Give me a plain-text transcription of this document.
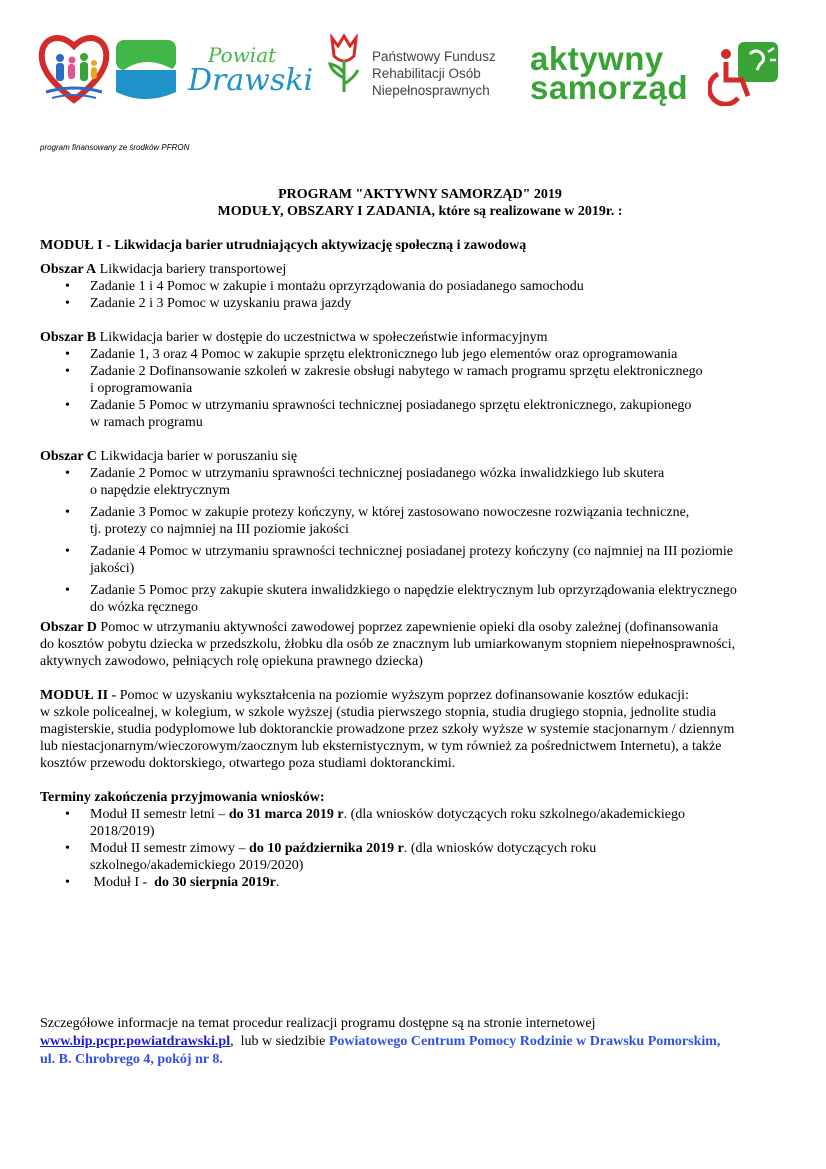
Powiat
Drawski
Państwowy Fundusz
Rehabilitacji Osób
Niepełnosprawnych
aktywny
samorząd
program finansowany ze środków PFRON

PROGRAM "AKTYWNY SAMORZĄD" 2019

MODUŁY, OBSZARY I ZADANIA, które są realizowane w 2019r. :

MODUŁ I - Likwidacja barier utrudniających aktywizację społeczną i zawodową

Obszar A Likwidacja bariery transportowej

• Zadanie 1 i 4 Pomoc w zakupie i montażu oprzyrządowania do posiadanego samochodu
• Zadanie 2 i 3 Pomoc w uzyskaniu prawa jazdy

Obszar B Likwidacja barier w dostępie do uczestnictwa w społeczeństwie informacyjnym

• Zadanie 1, 3 oraz 4 Pomoc w zakupie sprzętu elektronicznego lub jego elementów oraz oprogramowania
• Zadanie 2 Dofinansowanie szkoleń w zakresie obsługi nabytego w ramach programu sprzętu elektronicznego
i oprogramowania
• Zadanie 5 Pomoc w utrzymaniu sprawności technicznej posiadanego sprzętu elektronicznego, zakupionego
w ramach programu

Obszar C Likwidacja barier w poruszaniu się

• Zadanie 2 Pomoc w utrzymaniu sprawności technicznej posiadanego wózka inwalidzkiego lub skutera
o napędzie elektrycznym
• Zadanie 3 Pomoc w zakupie protezy kończyny, w której zastosowano nowoczesne rozwiązania techniczne,
tj. protezy co najmniej na III poziomie jakości
• Zadanie 4 Pomoc w utrzymaniu sprawności technicznej posiadanej protezy kończyny (co najmniej na III poziomie
jakości)
• Zadanie 5 Pomoc przy zakupie skutera inwalidzkiego o napędzie elektrycznym lub oprzyrządowania elektrycznego
do wózka ręcznego
Obszar D Pomoc w utrzymaniu aktywności zawodowej poprzez zapewnienie opieki dla osoby zależnej (dofinansowania
do kosztów pobytu dziecka w przedszkolu, żłobku dla osób ze znacznym lub umiarkowanym stopniem niepełnosprawności,
aktywnych zawodowo, pełniących rolę opiekuna prawnego dziecka)
MODUŁ II - Pomoc w uzyskaniu wykształcenia na poziomie wyższym poprzez dofinansowanie kosztów edukacji:
w szkole policealnej, w kolegium, w szkole wyższej (studia pierwszego stopnia, studia drugiego stopnia, jednolite studia
magisterskie, studia podyplomowe lub doktoranckie prowadzone przez szkoły wyższe w systemie stacjonarnym / dziennym
lub niestacjonarnym/wieczorowym/zaocznym lub eksternistycznym, w tym również za pośrednictwem Internetu), a także
kosztów przewodu doktorskiego, otwartego poza studiami doktoranckimi.

Terminy zakończenia przyjmowania wniosków:

• Moduł II semestr letni – do 31 marca 2019 r. (dla wniosków dotyczących roku szkolnego/akademickiego
2018/2019)
• Moduł II semestr zimowy – do 10 października 2019 r. (dla wniosków dotyczących roku
szkolnego/akademickiego 2019/2020)
•  Moduł I -  do 30 sierpnia 2019r.
Szczegółowe informacje na temat procedur realizacji programu dostępne są na stronie internetowej
www.bip.pcpr.powiatdrawski.pl,  lub w siedzibie Powiatowego Centrum Pomocy Rodzinie w Drawsku Pomorskim,
ul. B. Chrobrego 4, pokój nr 8.
